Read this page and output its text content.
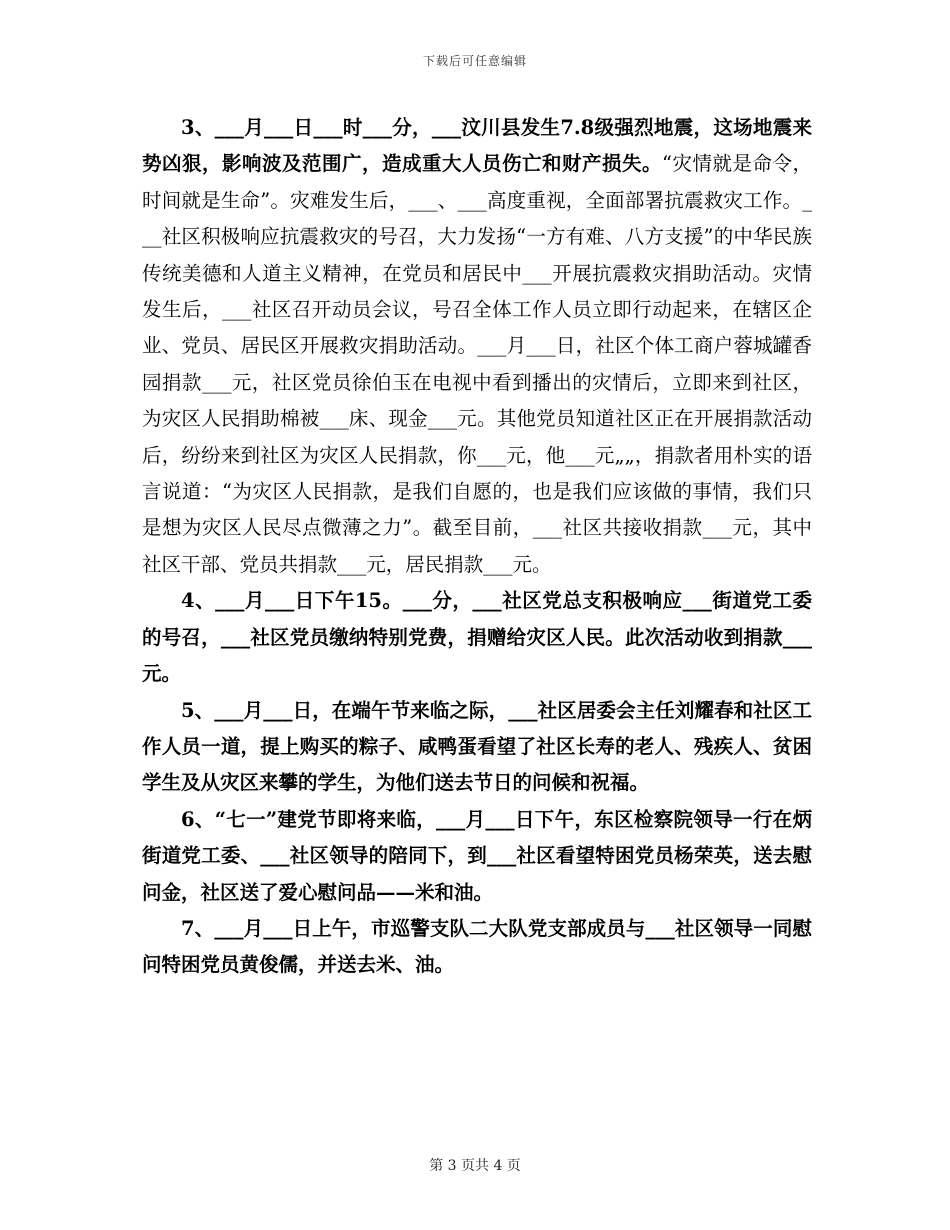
下载后可任意编辑

3、___月___日___时___分，___汶川县发生7.8级强烈地震，这场地震来势凶狠，影响波及范围广，造成重大人员伤亡和财产损失。“灾情就是命令，时间就是生命”。灾难发生后，___、___高度重视，全面部署抗震救灾工作。___社区积极响应抗震救灾的号召，大力发扬“一方有难、八方支援”的中华民族传统美德和人道主义精神，在党员和居民中___开展抗震救灾捐助活动。灾情发生后，___社区召开动员会议，号召全体工作人员立即行动起来，在辖区企业、党员、居民区开展救灾捐助活动。___月___日，社区个体工商户蓉城罐香园捐款___元，社区党员徐伯玉在电视中看到播出的灾情后，立即来到社区，为灾区人民捐助棉被___床、现金___元。其他党员知道社区正在开展捐款活动后，纷纷来到社区为灾区人民捐款，你___元，他___元„„，捐款者用朴实的语言说道：“为灾区人民捐款，是我们自愿的，也是我们应该做的事情，我们只是想为灾区人民尽点微薄之力”。截至目前，___社区共接收捐款___元，其中社区干部、党员共捐款___元，居民捐款___元。

4、___月___日下午15。___分，___社区党总支积极响应___街道党工委的号召，___社区党员缴纳特别党费，捐赠给灾区人民。此次活动收到捐款___元。

5、___月___日，在端午节来临之际，___社区居委会主任刘耀春和社区工作人员一道，提上购买的粽子、咸鸭蛋看望了社区长寿的老人、残疾人、贫困学生及从灾区来攀的学生，为他们送去节日的问候和祝福。

6、“七一”建党节即将来临，___月___日下午，东区检察院领导一行在炳街道党工委、___社区领导的陪同下，到___社区看望特困党员杨荣英，送去慰问金，社区送了爱心慰问品——米和油。

7、___月___日上午，市巡警支队二大队党支部成员与___社区领导一同慰问特困党员黄俊儒，并送去米、油。

第 3 页共 4 页
